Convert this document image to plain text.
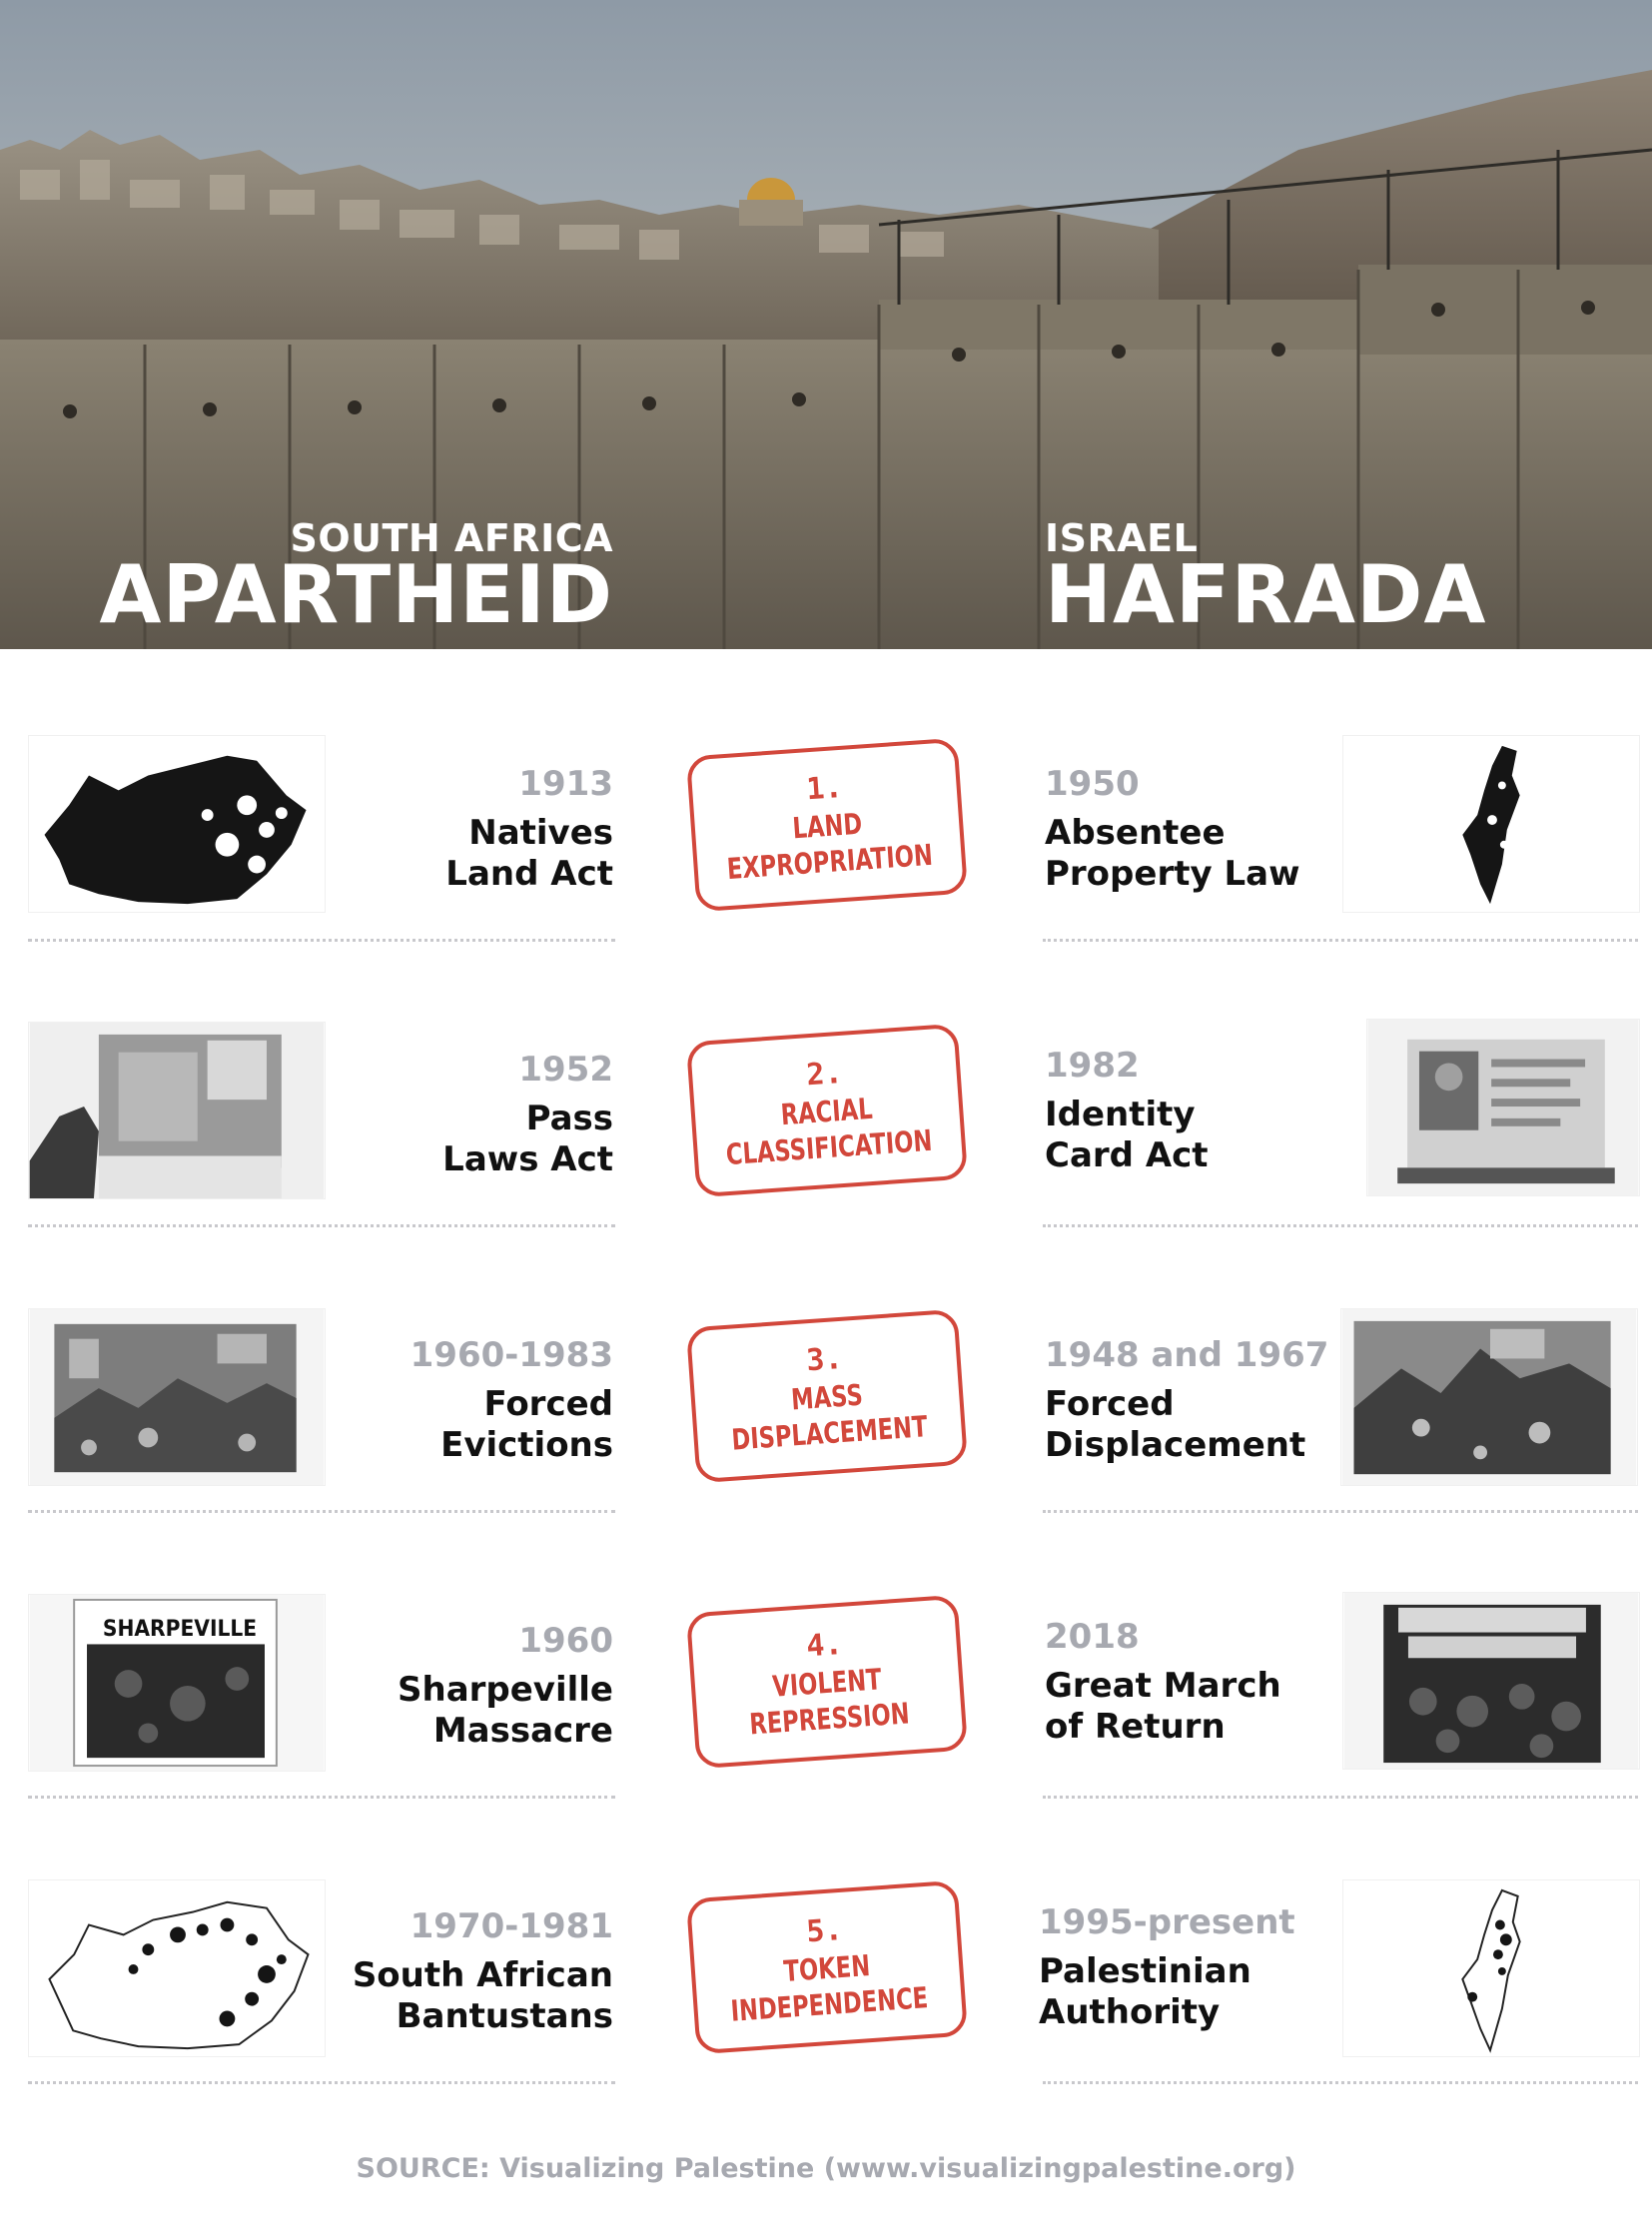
SOUTH AFRICA
APARTHEID
ISRAEL
HAFRADA
1913
Natives
Land Act
1.
LAND
EXPROPRIATION
1950
Absentee
Property Law
1952
Pass
Laws Act
2.
RACIAL
CLASSIFICATION
1982
Identity
Card Act
1960-1983
Forced
Evictions
3.
MASS
DISPLACEMENT
1948 and 1967
Forced
Displacement
SHARPEVILLE	1960
Sharpeville
Massacre
4.
VIOLENT
REPRESSION
2018
Great March
of Return
1970-1981
South African
Bantustans
5.
TOKEN
INDEPENDENCE
1995-present
Palestinian
Authority
SOURCE: Visualizing Palestine (www.visualizingpalestine.org)
